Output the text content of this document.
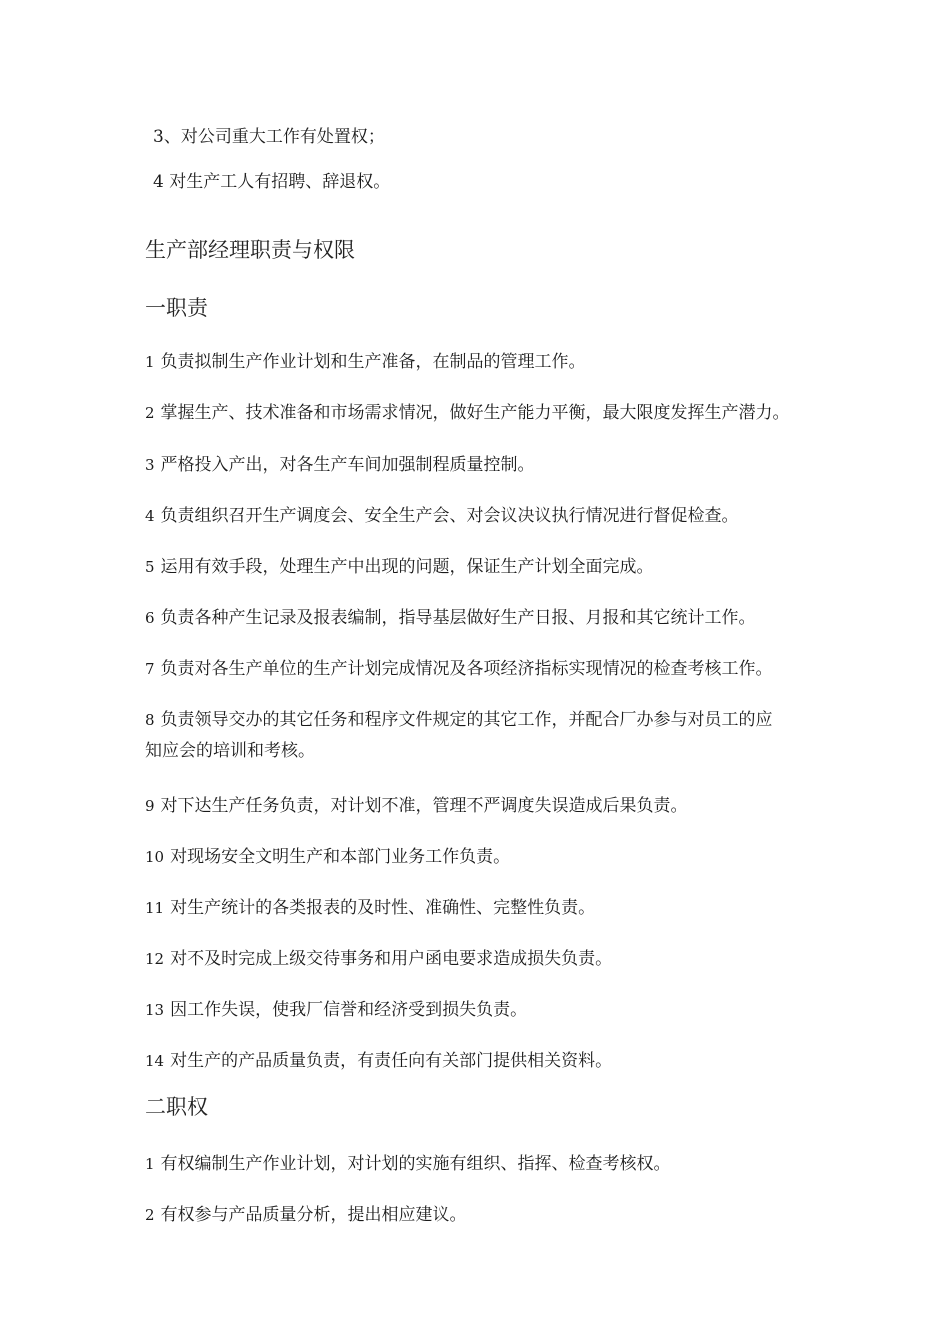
3、对公司重大工作有处置权；
4 对生产工人有招聘、辞退权。
生产部经理职责与权限
一职责
1 负责拟制生产作业计划和生产准备，在制品的管理工作。
2 掌握生产、技术准备和市场需求情况，做好生产能力平衡，最大限度发挥生产潜力。
3 严格投入产出，对各生产车间加强制程质量控制。
4 负责组织召开生产调度会、安全生产会、对会议决议执行情况进行督促检查。
5 运用有效手段，处理生产中出现的问题，保证生产计划全面完成。
6 负责各种产生记录及报表编制，指导基层做好生产日报、月报和其它统计工作。
7 负责对各生产单位的生产计划完成情况及各项经济指标实现情况的检查考核工作。
8 负责领导交办的其它任务和程序文件规定的其它工作，并配合厂办参与对员工的应
知应会的培训和考核。
9 对下达生产任务负责，对计划不准，管理不严调度失误造成后果负责。
10 对现场安全文明生产和本部门业务工作负责。
11 对生产统计的各类报表的及时性、准确性、完整性负责。
12 对不及时完成上级交待事务和用户函电要求造成损失负责。
13 因工作失误，使我厂信誉和经济受到损失负责。
14 对生产的产品质量负责，有责任向有关部门提供相关资料。
二职权
1 有权编制生产作业计划，对计划的实施有组织、指挥、检查考核权。
2 有权参与产品质量分析，提出相应建议。
